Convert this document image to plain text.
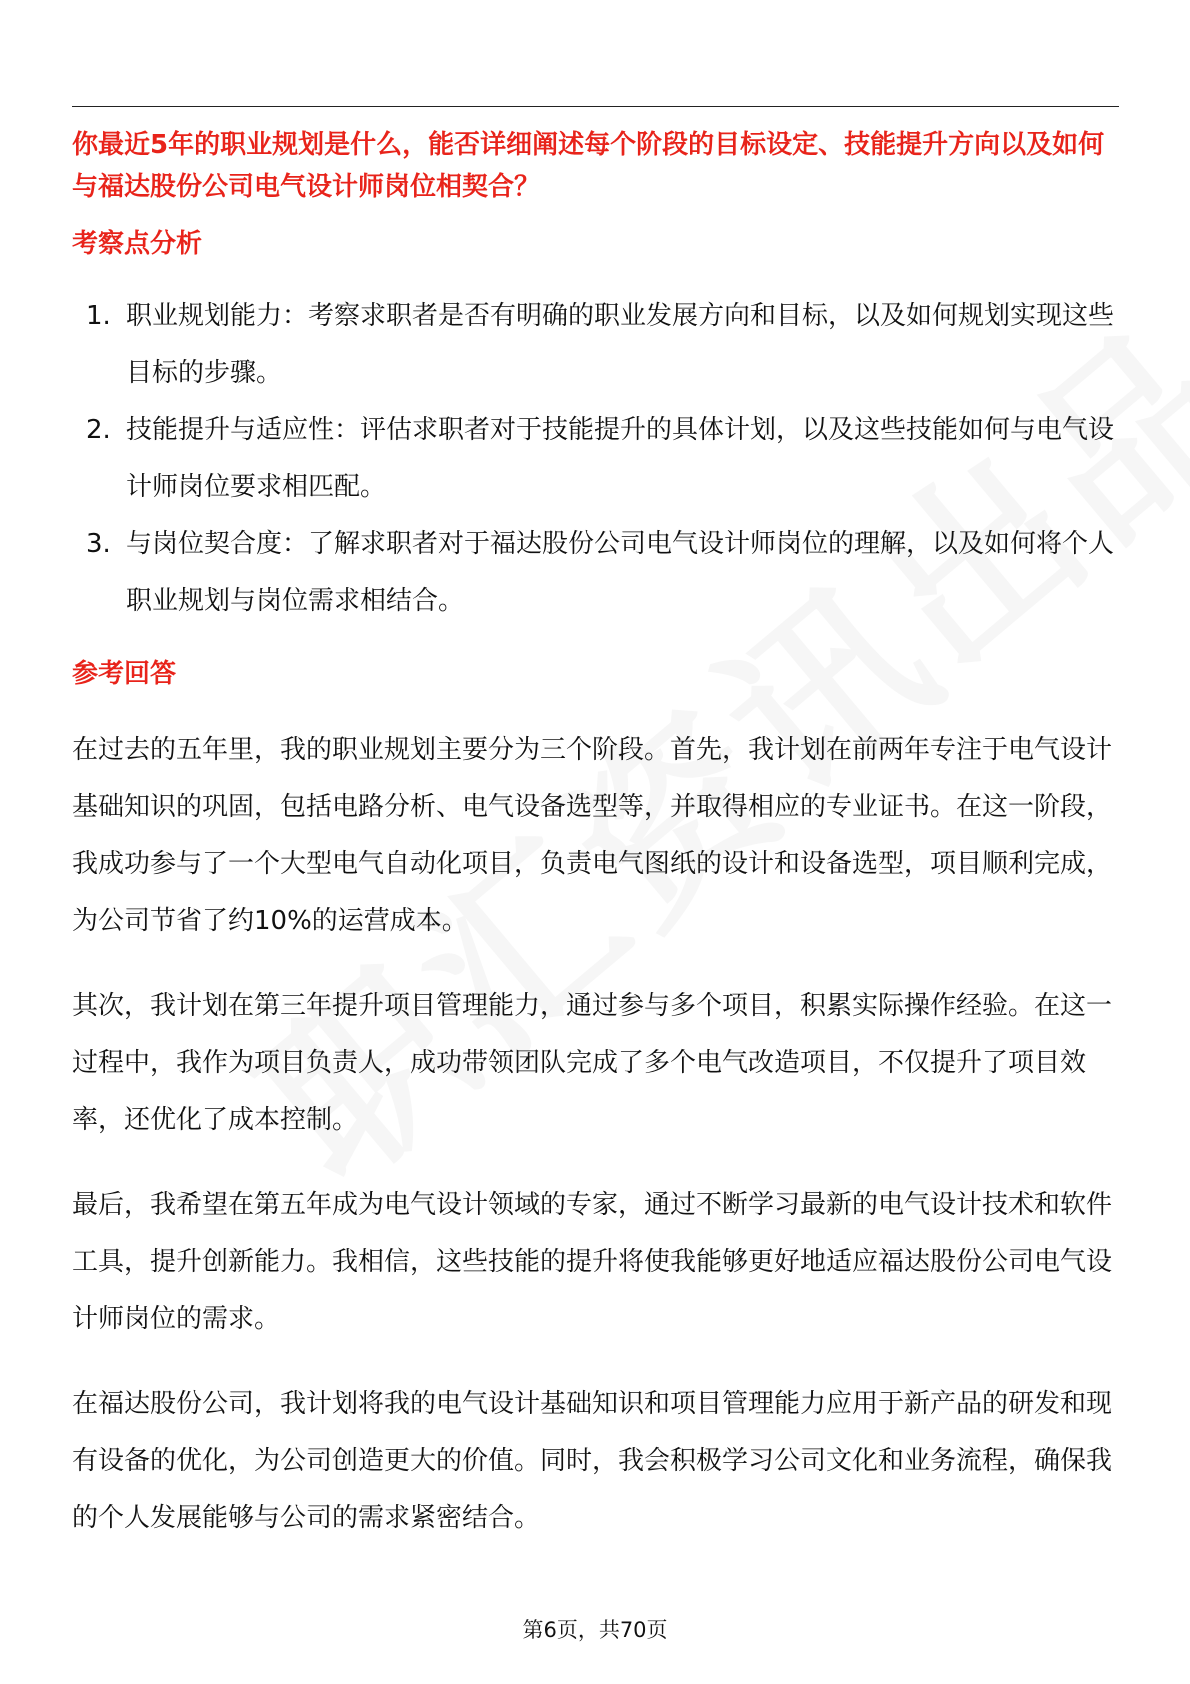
你最近5年的职业规划是什么，能否详细阐述每个阶段的目标设定、技能提升方向以及如何与福达股份公司电气设计师岗位相契合？

考察点分析
1. 职业规划能力：考察求职者是否有明确的职业发展方向和目标，以及如何规划实现这些目标的步骤。
2. 技能提升与适应性：评估求职者对于技能提升的具体计划，以及这些技能如何与电气设计师岗位要求相匹配。
3. 与岗位契合度：了解求职者对于福达股份公司电气设计师岗位的理解，以及如何将个人职业规划与岗位需求相结合。
参考回答

在过去的五年里，我的职业规划主要分为三个阶段。首先，我计划在前两年专注于电气设计基础知识的巩固，包括电路分析、电气设备选型等，并取得相应的专业证书。在这一阶段，我成功参与了一个大型电气自动化项目，负责电气图纸的设计和设备选型，项目顺利完成，为公司节省了约10%的运营成本。

其次，我计划在第三年提升项目管理能力，通过参与多个项目，积累实际操作经验。在这一过程中，我作为项目负责人，成功带领团队完成了多个电气改造项目，不仅提升了项目效率，还优化了成本控制。

最后，我希望在第五年成为电气设计领域的专家，通过不断学习最新的电气设计技术和软件工具，提升创新能力。我相信，这些技能的提升将使我能够更好地适应福达股份公司电气设计师岗位的需求。

在福达股份公司，我计划将我的电气设计基础知识和项目管理能力应用于新产品的研发和现有设备的优化，为公司创造更大的价值。同时，我会积极学习公司文化和业务流程，确保我的个人发展能够与公司的需求紧密结合。

第6页，共70页
